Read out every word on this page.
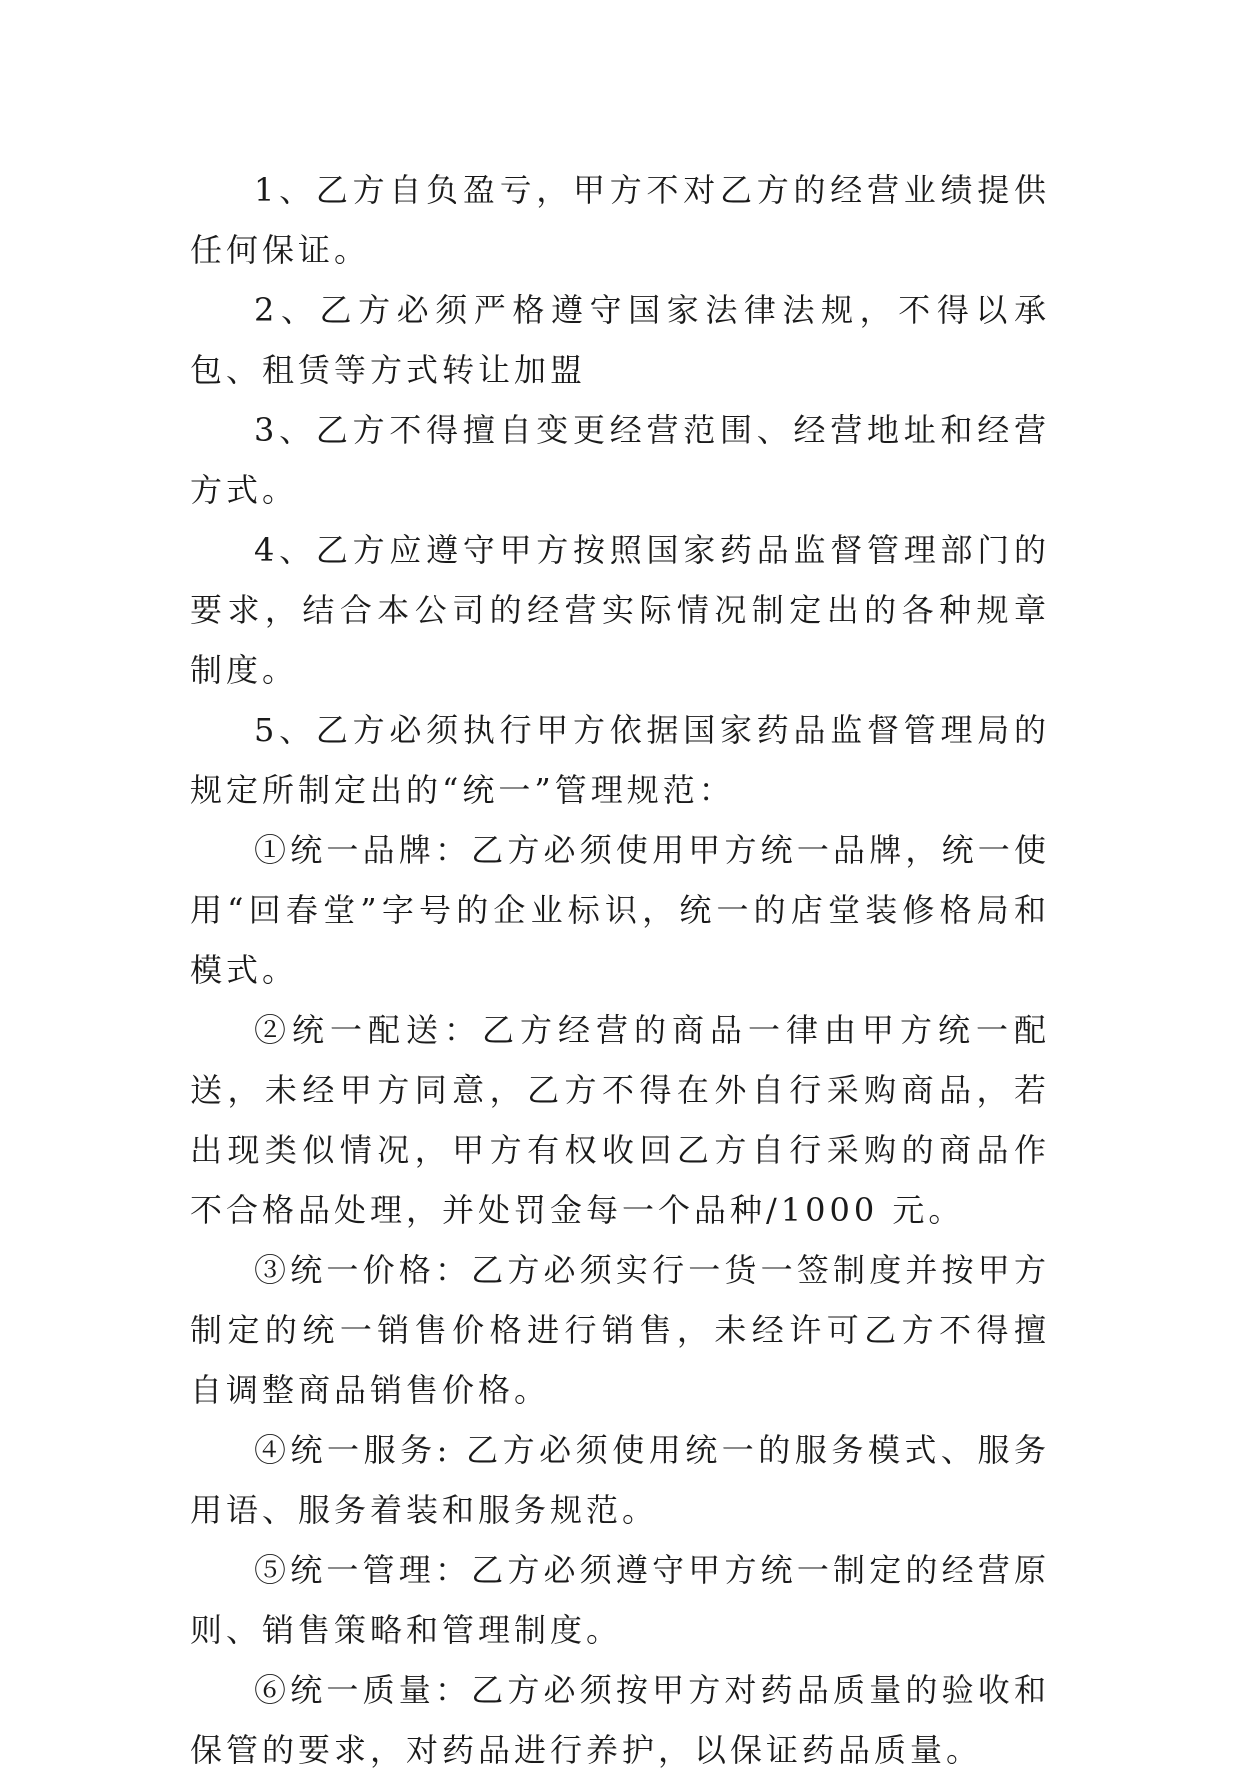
1、乙方自负盈亏，甲方不对乙方的经营业绩提供任何保证。

2、乙方必须严格遵守国家法律法规，不得以承包、租赁等方式转让加盟

3、乙方不得擅自变更经营范围、经营地址和经营方式。

4、乙方应遵守甲方按照国家药品监督管理部门的要求，结合本公司的经营实际情况制定出的各种规章制度。

5、乙方必须执行甲方依据国家药品监督管理局的规定所制定出的“统一”管理规范：

①统一品牌：乙方必须使用甲方统一品牌，统一使用“回春堂”字号的企业标识，统一的店堂装修格局和模式。

②统一配送：乙方经营的商品一律由甲方统一配送，未经甲方同意，乙方不得在外自行采购商品，若出现类似情况，甲方有权收回乙方自行采购的商品作不合格品处理，并处罚金每一个品种/1000 元。

③统一价格：乙方必须实行一货一签制度并按甲方制定的统一销售价格进行销售，未经许可乙方不得擅自调整商品销售价格。

④统一服务: 乙方必须使用统一的服务模式、服务用语、服务着装和服务规范。

⑤统一管理：乙方必须遵守甲方统一制定的经营原则、销售策略和管理制度。

⑥统一质量：乙方必须按甲方对药品质量的验收和保管的要求，对药品进行养护，以保证药品质量。
